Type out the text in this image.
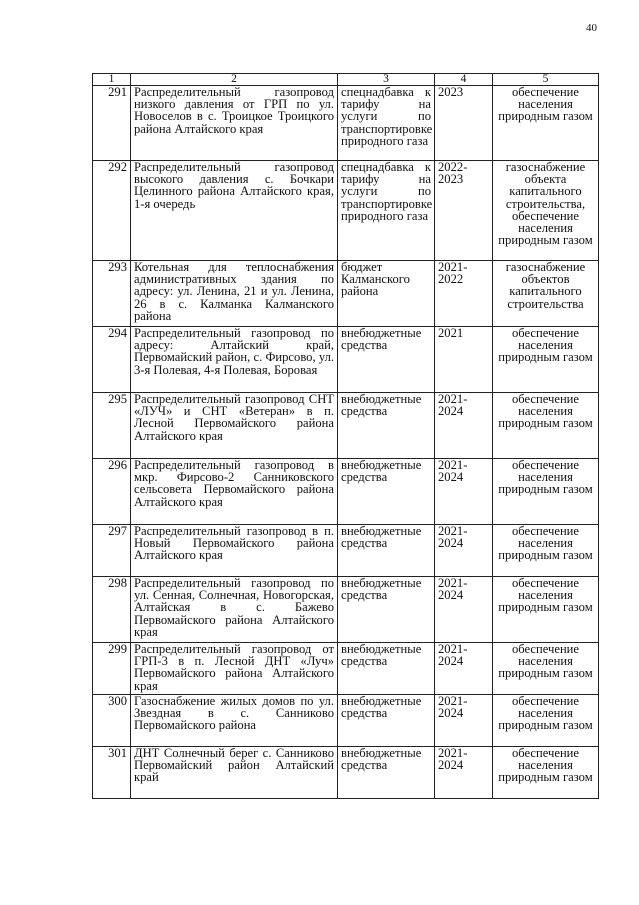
40
1	2	3	4	5
291	Распределительный газопровод низкого давления от ГРП по ул. Новоселов в с. Троицкое Троицкого района Алтайского края	спецнадбавка к тарифу на услуги по транспортировке природного газа	2023	обеспечение населения природным газом
292	Распределительный газопровод высокого давления с. Бочкари Целинного района Алтайского края, 1-я очередь	спецнадбавка к тарифу на услуги по транспортировке природного газа	2022-2023	газоснабжение объекта капитального строительства, обеспечение населения природным газом
293	Котельная для теплоснабжения административных здания по адресу: ул. Ленина, 21 и ул. Ленина, 26 в с. Калманка Калманского района	бюджет Калманского района	2021-2022	газоснабжение объектов капитального строительства
294	Распределительный газопровод по адресу: Алтайский край, Первомайский район, с. Фирсово, ул. 3-я Полевая, 4-я Полевая, Боровая	внебюджетные средства	2021	обеспечение населения природным газом
295	Распределительный газопровод СНТ «ЛУЧ» и СНТ «Ветеран» в п. Лесной Первомайского района Алтайского края	внебюджетные средства	2021-2024	обеспечение населения природным газом
296	Распределительный газопровод в мкр. Фирсово-2 Санниковского сельсовета Первомайского района Алтайского края	внебюджетные средства	2021-2024	обеспечение населения природным газом
297	Распределительный газопровод в п. Новый Первомайского района Алтайского края	внебюджетные средства	2021-2024	обеспечение населения природным газом
298	Распределительный газопровод по ул. Сенная, Солнечная, Новогорская, Алтайская в с. Бажево Первомайского района Алтайского края	внебюджетные средства	2021-2024	обеспечение населения природным газом
299	Распределительный газопровод от ГРП-3 в п. Лесной ДНТ «Луч» Первомайского района Алтайского края	внебюджетные средства	2021-2024	обеспечение населения природным газом
300	Газоснабжение жилых домов по ул. Звездная в с. Санниково Первомайского района	внебюджетные средства	2021-2024	обеспечение населения природным газом
301	ДНТ Солнечный берег с. Санниково Первомайский район Алтайский край	внебюджетные средства	2021-2024	обеспечение населения природным газом
